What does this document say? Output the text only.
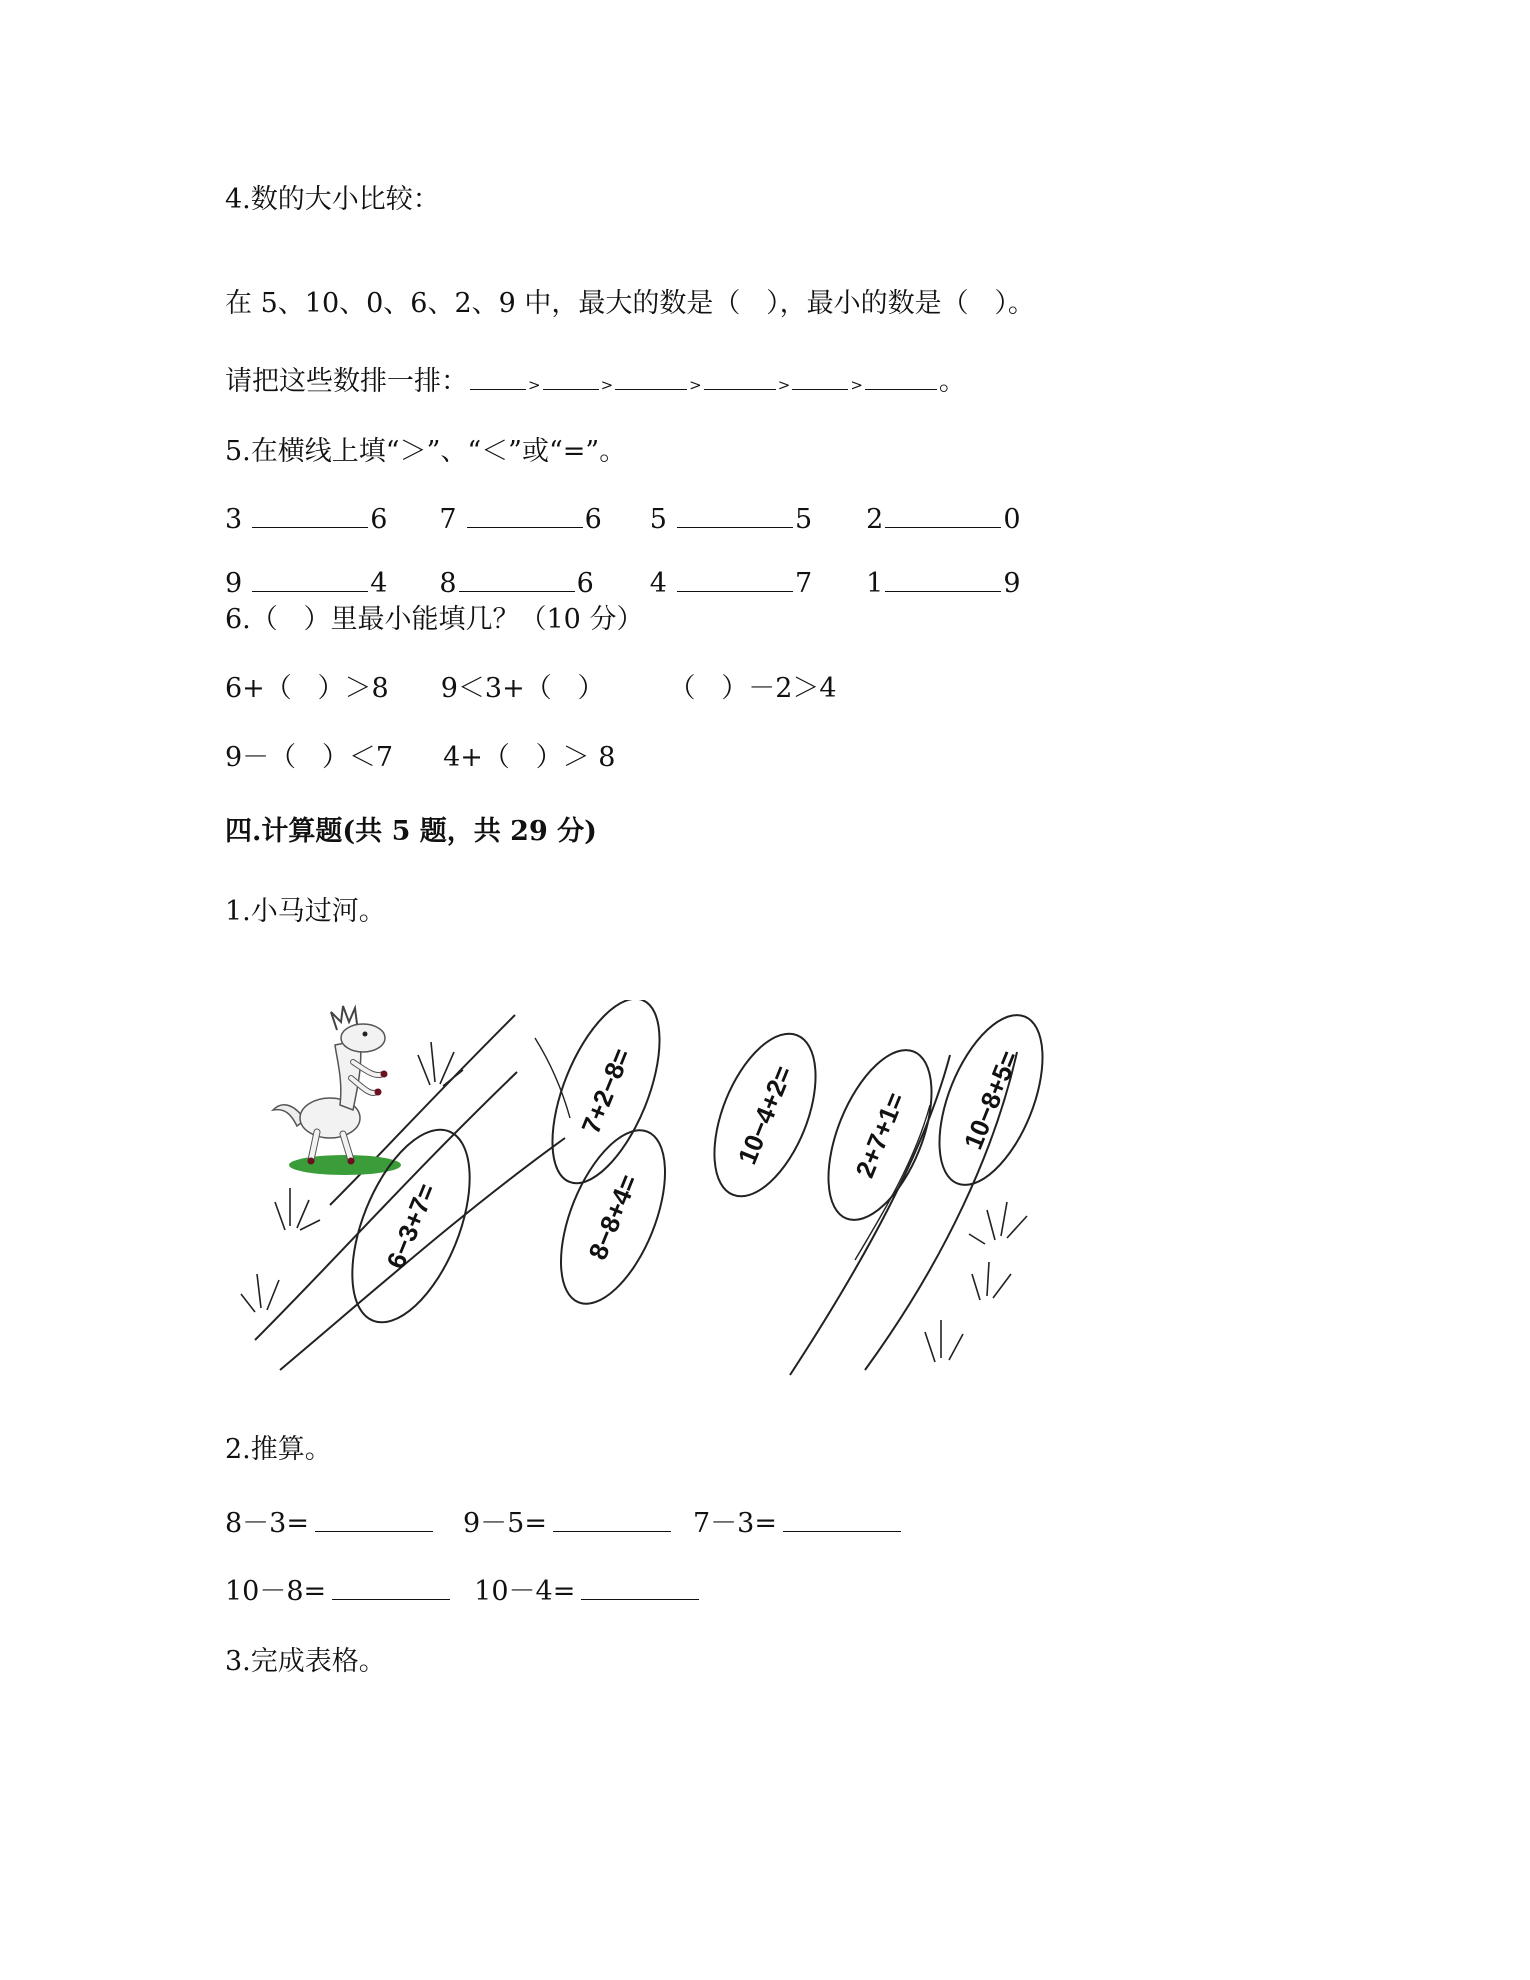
4.数的大小比较：
在 5、10、0、6、2、9 中，最大的数是（   ），最小的数是（   ）。
请把这些数排一排：	>	>	>	>	>	。
5.在横线上填“＞”、“＜”或“=”。
3	6 7	6 5	5 2	0
9	4 8	6 4	7 1	9
6.（   ）里最小能填几？（10 分）
6+（   ）＞8 9＜3+（   ） （   ）－2＞4
9－（   ）＜7 4+（   ）＞ 8
四.计算题(共 5 题，共 29 分)
1.小马过河。
6−3+7=
7+2−8=
8−8+4=
10−4+2= 2+7+1= 10−8+5=
2.推算。
8－3=	9－5=	7－3=
10－8=	10－4=
3.完成表格。
